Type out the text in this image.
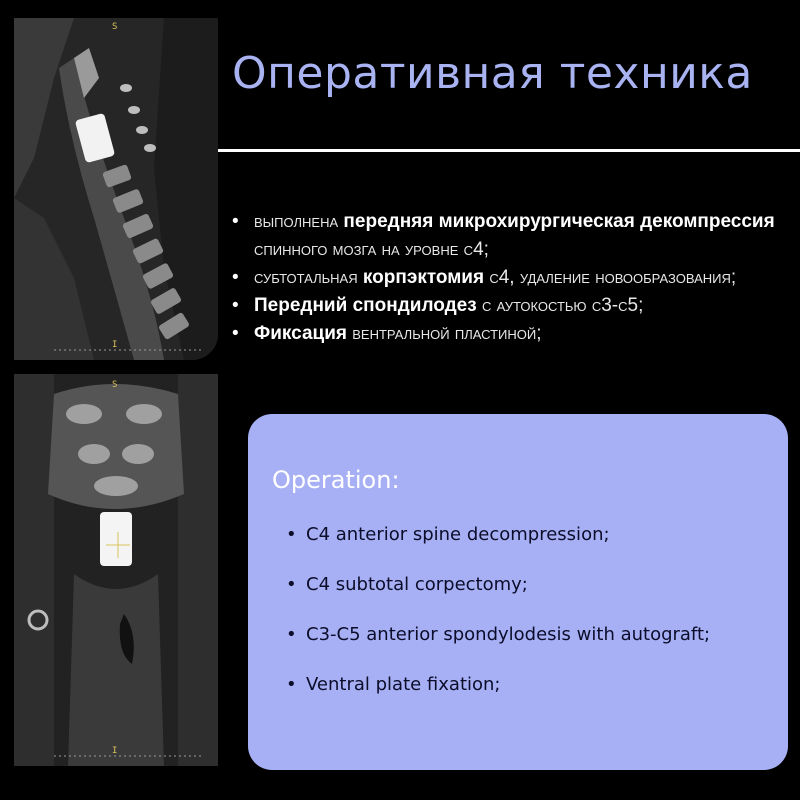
S
I
S
I
Оперативная техника
• выполнена передняя микрохирургическая декомпрессия спинного мозга на уровне с4;
• субтотальная корпэктомия с4, удаление новообразования;
• Передний спондилодез с аутокостью с3-с5;
• Фиксация вентральной пластиной;
Operation:
• C4 anterior spine decompression;
• C4 subtotal corpectomy;
• C3-C5 anterior spondylodesis with autograft;
• Ventral plate fixation;
